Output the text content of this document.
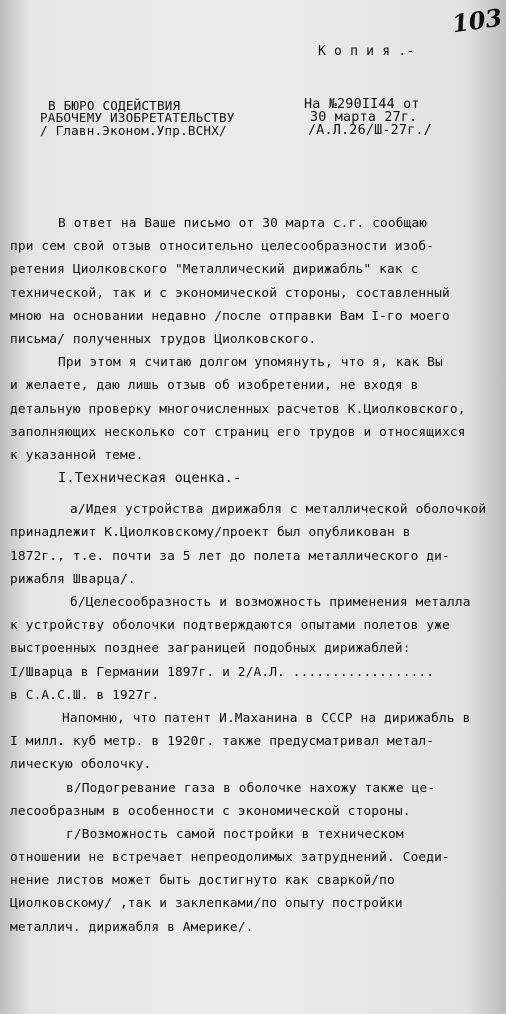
103
К о п и я .-
В БЮРО СОДЕЙСТВИЯ
РАБОЧЕМУ ИЗОБРЕТАТЕЛЬСТВУ
/ Главн.Эконом.Упр.ВСНХ/
На №290II44 от
30 марта 27г.
/А.Л.26/Ш-27г./
В ответ на Ваше письмо от 30 марта с.г. сообщаю
при сем свой отзыв относительно целесообразности изоб-
ретения Циолковского "Металлический дирижабль" как с
технической, так и с экономической стороны, составленный
мною на основании недавно /после отправки Вам I-го моего
письма/ полученных трудов Циолковского.
При этом я считаю долгом упомянуть, что я, как Вы
и желаете, даю лишь отзыв об изобретении, не входя в
детальную проверку многочисленных расчетов К.Циолковского,
заполняющих несколько сот страниц его трудов и относящихся
к указанной теме.
I.Техническая оценка.-
а/Идея устройства дирижабля с металлической оболочкой
принадлежит К.Циолковскому/проект был опубликован в
1872г., т.е. почти за 5 лет до полета металлического ди-
рижабля Шварца/.
б/Целесообразность и возможность применения металла
к устройству оболочки подтверждаются опытами полетов уже
выстроенных позднее заграницей подобных дирижаблей:
I/Шварца в Германии 1897г. и 2/А.Л. ..................
в С.А.С.Ш. в 1927г.
Напомню, что патент И.Маханина в СССР на дирижабль в
I милл. куб метр. в 1920г. также предусматривал метал-
лическую оболочку.
в/Подогревание газа в оболочке нахожу также це-
лесообразным в особенности с экономической стороны.
г/Возможность самой постройки в техническом
отношении не встречает непреодолимых затруднений. Соеди-
нение листов может быть достигнуто как сваркой/по
Циолковскому/ ,так и заклепками/по опыту постройки
металлич. дирижабля в Америке/.
